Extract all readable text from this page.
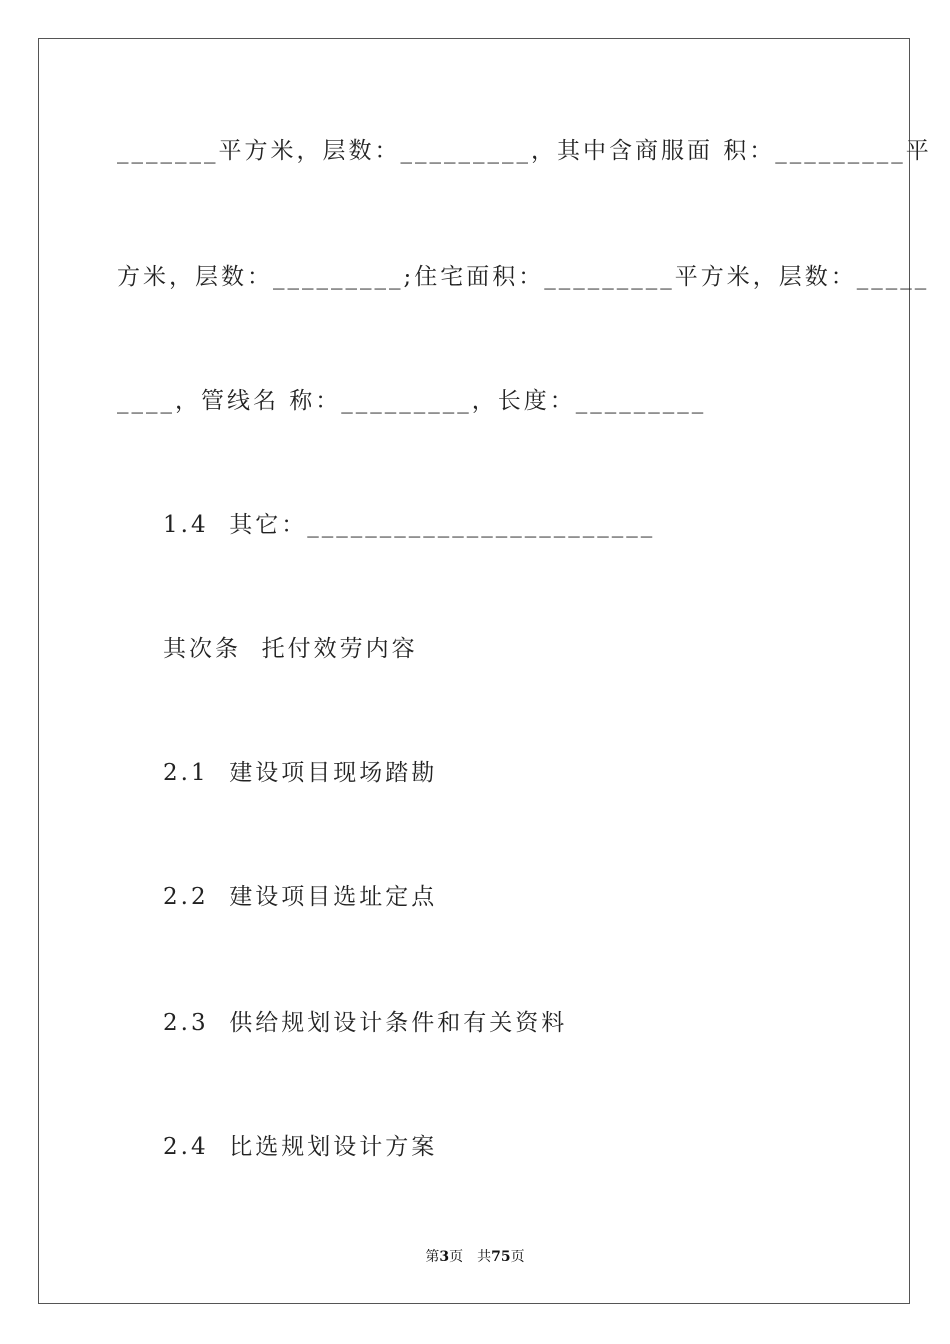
_______平方米，层数：_________，其中含商服面 积：_________平

方米，层数：_________;住宅面积：_________平方米，层数：_____

____，管线名 称：_________，长度：_________

1.4  其它：________________________

其次条  托付效劳内容

2.1  建设项目现场踏勘

2.2  建设项目选址定点

2.3  供给规划设计条件和有关资料

2.4  比选规划设计方案

第3页 共75页
